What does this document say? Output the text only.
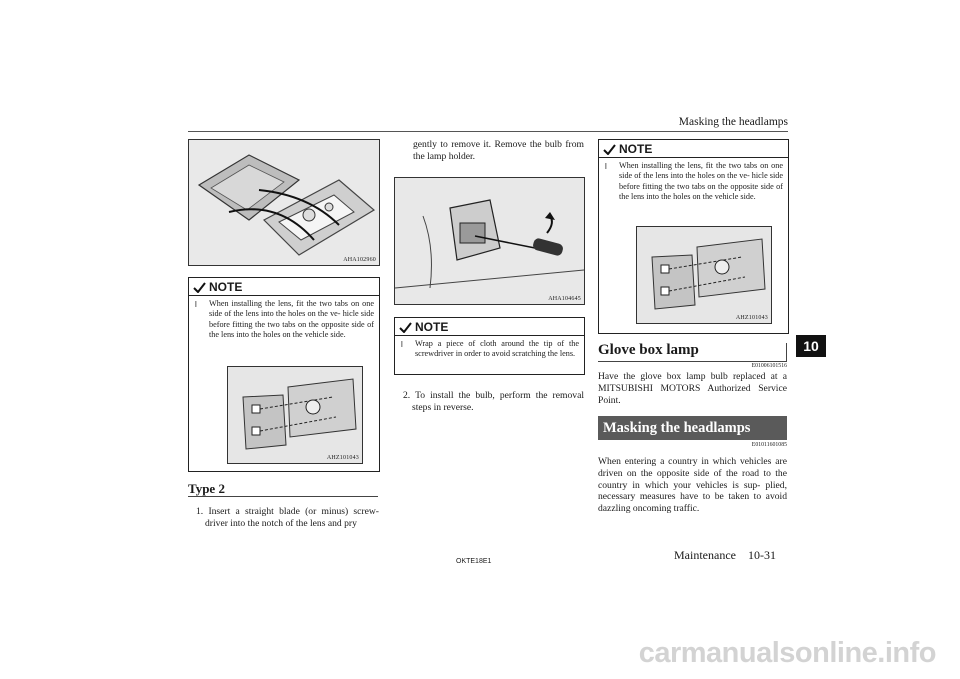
Masking the headlamps
10
AHA102960
NOTE
l When installing the lens, fit the two tabs on one side of the lens into the holes on the ve- hicle side before fitting the two tabs on the opposite side of the lens into the holes on the vehicle side.
AHZ101043
Type 2
1. Insert a straight blade (or minus) screw- driver into the notch of the lens and pry
gently to remove it. Remove the bulb from the lamp holder.
AHA104645
NOTE
l Wrap a piece of cloth around the tip of the screwdriver in order to avoid scratching the lens.
2. To install the bulb, perform the removal steps in reverse.
NOTE
l When installing the lens, fit the two tabs on one side of the lens into the holes on the ve- hicle side before fitting the two tabs on the opposite side of the lens into the holes on the vehicle side.
AHZ101043
Glove box lamp
E01006101516
Have the glove box lamp bulb replaced at a MITSUBISHI MOTORS Authorized Service Point.
Masking the headlamps
E01011601085
When entering a country in which vehicles are driven on the opposite side of the road to the country in which your vehicles is sup- plied, necessary measures have to be taken to avoid dazzling oncoming traffic.
OKTE18E1	Maintenance 10-31
carmanualsonline.info
